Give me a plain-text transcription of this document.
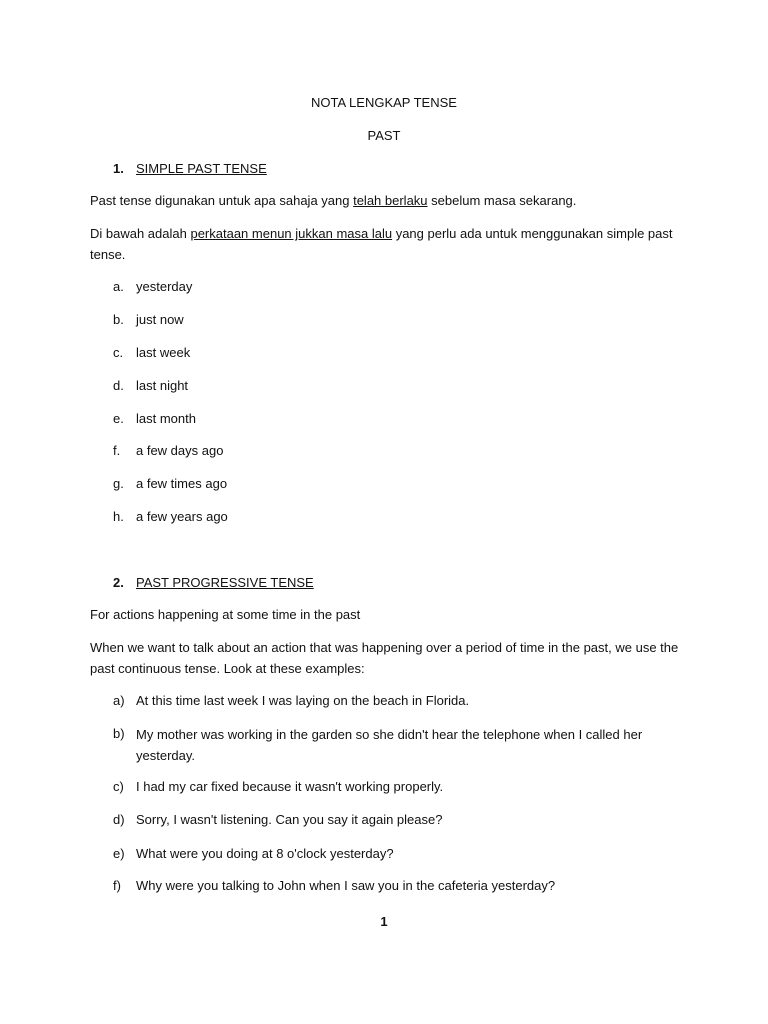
NOTA LENGKAP TENSE
PAST
1. SIMPLE PAST TENSE
Past tense digunakan untuk apa sahaja yang telah berlaku sebelum masa sekarang.
Di bawah adalah perkataan menun jukkan masa lalu yang perlu ada untuk menggunakan simple past tense.
a. yesterday
b. just now
c. last week
d. last night
e. last month
f. a few days ago
g. a few times ago
h. a few years ago
2. PAST PROGRESSIVE TENSE
For actions happening at some time in the past
When we want to talk about an action that was happening over a period of time in the past, we use the past continuous tense. Look at these examples:
a) At this time last week I was laying on the beach in Florida.
b) My mother was working in the garden so she didn't hear the telephone when I called her yesterday.
c) I had my car fixed because it wasn't working properly.
d) Sorry, I wasn't listening. Can you say it again please?
e) What were you doing at 8 o'clock yesterday?
f) Why were you talking to John when I saw you in the cafeteria yesterday?
1
